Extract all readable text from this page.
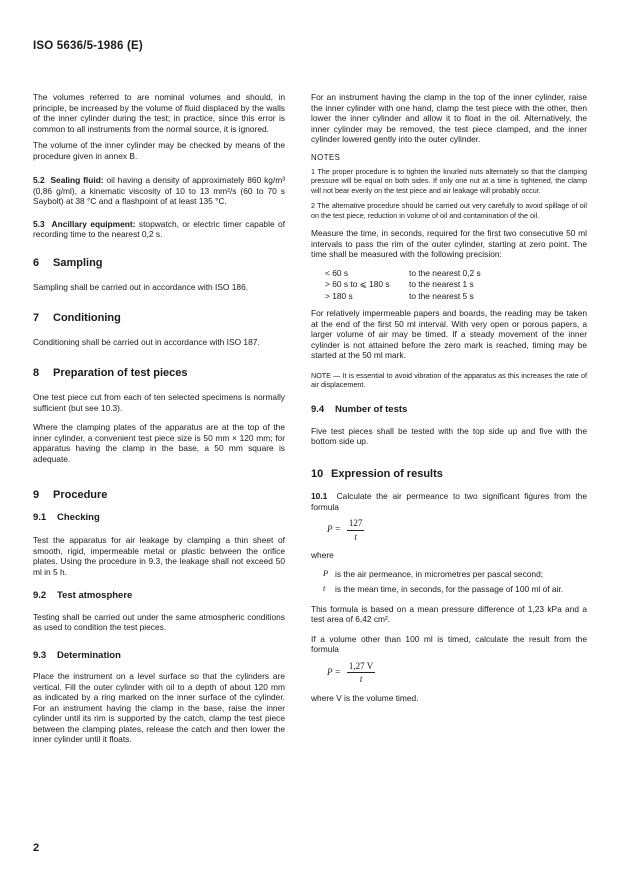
ISO 5636/5-1986 (E)

The volumes referred to are nominal volumes and should, in principle, be increased by the volume of fluid displaced by the walls of the inner cylinder during the test; in practice, since this error is common to all instruments from the normal source, it is ignored.

The volume of the inner cylinder may be checked by means of the procedure given in annex B.

5.2 Sealing fluid: oil having a density of approximately 860 kg/m³ (0,86 g/ml), a kinematic viscosity of 10 to 13 mm²/s (60 to 70 s Saybolt) at 38 °C and a flashpoint of at least 135 °C.

5.3 Ancillary equipment: stopwatch, or electric timer capable of recording time to the nearest 0,2 s.

6 Sampling

Sampling shall be carried out in accordance with ISO 186.

7 Conditioning

Conditioning shall be carried out in accordance with ISO 187.

8 Preparation of test pieces

One test piece cut from each of ten selected specimens is normally sufficient (but see 10.3).

Where the clamping plates of the apparatus are at the top of the inner cylinder, a convenient test piece size is 50 mm × 120 mm; for apparatus having the clamp in the base, a 50 mm square is adequate.

9 Procedure
9.1 Checking

Test the apparatus for air leakage by clamping a thin sheet of smooth, rigid, impermeable metal or plastic between the orifice plates. Using the procedure in 9.3, the leakage shall not exceed 50 ml in 5 h.

9.2 Test atmosphere

Testing shall be carried out under the same atmospheric conditions as used to condition the test pieces.

9.3 Determination

Place the instrument on a level surface so that the cylinders are vertical. Fill the outer cylinder with oil to a depth of about 120 mm as indicated by a ring marked on the inner surface of the cylinder. For an instrument having the clamp in the base, raise the inner cylinder until its rim is supported by the catch, clamp the test piece between the clamping plates, release the catch and then lower the inner cylinder until it floats.

For an instrument having the clamp in the top of the inner cylinder, raise the inner cylinder with one hand, clamp the test piece with the other, then lower the inner cylinder and allow it to float in the oil. Alternatively, the inner cylinder may be removed, the test piece clamped, and the inner cylinder lowered gently into the outer cylinder.

NOTES

1 The proper procedure is to tighten the knurled nuts alternately so that the clamping pressure will be equal on both sides. If only one nut at a time is tightened, the clamp will not bear evenly on the test piece and air leakage will probably occur.

2 The alternative procedure should be carried out very carefully to avoid spillage of oil on the test piece, reduction in volume of oil and contamination of the oil.

Measure the time, in seconds, required for the first two consecutive 50 ml intervals to pass the rim of the outer cylinder, starting at zero point. The time shall be measured with the following precision:

< 60 s	to the nearest 0,2 s
> 60 s to ⩽ 180 s	to the nearest 1 s
> 180 s	to the nearest 5 s

For relatively impermeable papers and boards, the reading may be taken at the end of the first 50 ml interval. With very open or porous papers, a larger volume of air may be timed. If a steady movement of the inner cylinder is not attained before the zero mark is reached, timing may be started at the 50 ml mark.

NOTE — It is essential to avoid vibration of the apparatus as this increases the rate of air displacement.

9.4 Number of tests

Five test pieces shall be tested with the top side up and five with the bottom side up.

10 Expression of results

10.1 Calculate the air permeance to two significant figures from the formula

$P = \frac{127}{t}$

where

P is the air permeance, in micrometres per pascal second;
t	is the mean time, in seconds, for the passage of 100 ml of air.

This formula is based on a mean pressure difference of 1,23 kPa and a test area of 6,42 cm².

If a volume other than 100 ml is timed, calculate the result from the formula

$P = \frac{1,27 V}{t}$

where V is the volume timed.

2
